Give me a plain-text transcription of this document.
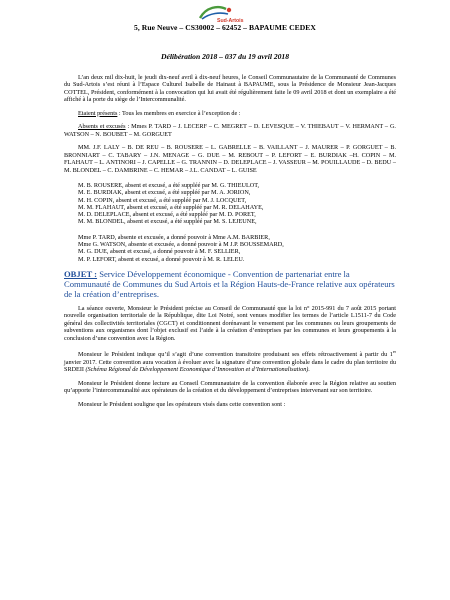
Sud-Artois
5, Rue Neuve – CS30002 – 62452 – BAPAUME CEDEX
Délibération 2018 – 037 du 19 avril 2018

L’an deux mil dix-huit, le jeudi dix-neuf avril à dix-neuf heures, le Conseil Communautaire de la Communauté de Communes du Sud-Artois s’est réuni à l’Espace Culturel Isabelle de Hainaut à BAPAUME, sous la Présidence de Monsieur Jean-Jacques COTTEL, Président, conformément à la convocation qui lui avait été régulièrement faite le 09 avril 2018 et dont un exemplaire a été affiché à la porte du siège de l’Intercommunalité.

Etaient présents : Tous les membres en exercice à l’exception de :

Absents et excusés : Mmes P. TARD – J. LECERF – C. MEGRET – D. LEVESQUE – V. THIEBAUT – V. HERMANT – G. WATSON – N. BOUBET – M. GORGUET

MM. J.F. LALY – B. DE REU – B. ROUSERE – L. GABRELLE – B. VAILLANT – J. MAURER – P. GORGUET – B. BRONNIART – C. TABARY – J.N. MENAGE – G. DUE – M. REBOUT – P. LEFORT – E. BURDIAK –H. COPIN – M. FLAHAUT – L. ANTINORI – J. CAPELLE – G. TRANNIN – D. DELEPLACE – J. VASSEUR – M. POUILLAUDE – D. BEDU – M. BLONDEL – C. DAMBRINE – C. HEMAR – J.L. CANDAT – L. GUISE

M. B. ROUSERE, absent et excusé, a été suppléé par M. G. THIEULOT,

M. E. BURDIAK, absent et excusé, a été suppléé par M. A. JORION,

M. H. COPIN, absent et excusé, a été suppléé par M. J. LOCQUET,

M. M. FLAHAUT, absent et excusé, a été suppléé par M. R. DELAHAYE,

M. D. DELEPLACE, absent et excusé, a été suppléé par M. D. PORET,

M. M. BLONDEL, absent et excusé, a été suppléé par M. S. LEJEUNE,

Mme P. TARD, absente et excusée, a donné pouvoir à Mme A.M. BARBIER,

Mme G. WATSON, absente et excusée, a donné pouvoir à M J.P. BOUSSEMARD,

M. G. DUE, absent et excusé, a donné pouvoir à M. F. SELLIER,

M. P. LEFORT, absent et excusé, a donné pouvoir à M. R. LELEU.

OBJET : Service Développement économique - Convention de partenariat entre la Communauté de Communes du Sud Artois et la Région Hauts-de-France relative aux opérateurs de la création d’entreprises.

La séance ouverte, Monsieur le Président précise au Conseil de Communauté que la loi n° 2015-991 du 7 août 2015 portant nouvelle organisation territoriale de la République, dite Loi Notré, sont venues modifier les termes de l’article L1511-7 du Code général des collectivités territoriales (CGCT) et conditionnent dorénavant le versement par les communes ou leurs groupements de subventions aux organismes dont l’objet exclusif est l’aide à la création d’entreprises par les communes et leurs groupements à la conclusion d’une convention avec la Région.

Monsieur le Président indique qu’il s’agit d’une convention transitoire produisant ses effets rétroactivement à partir du 1er janvier 2017. Cette convention aura vocation à évoluer avec la signature d’une convention globale dans le cadre du plan territoire du SRDEII (Schéma Régional de Développement Economique d’Innovation et d’Internationalisation).

Monsieur le Président donne lecture au Conseil Communautaire de la convention élaborée avec la Région relative au soutien qu’apporte l’intercommunalité aux opérateurs de la création et du développement d’entreprises intervenant sur son territoire.

Monsieur le Président souligne que les opérateurs visés dans cette convention sont :
